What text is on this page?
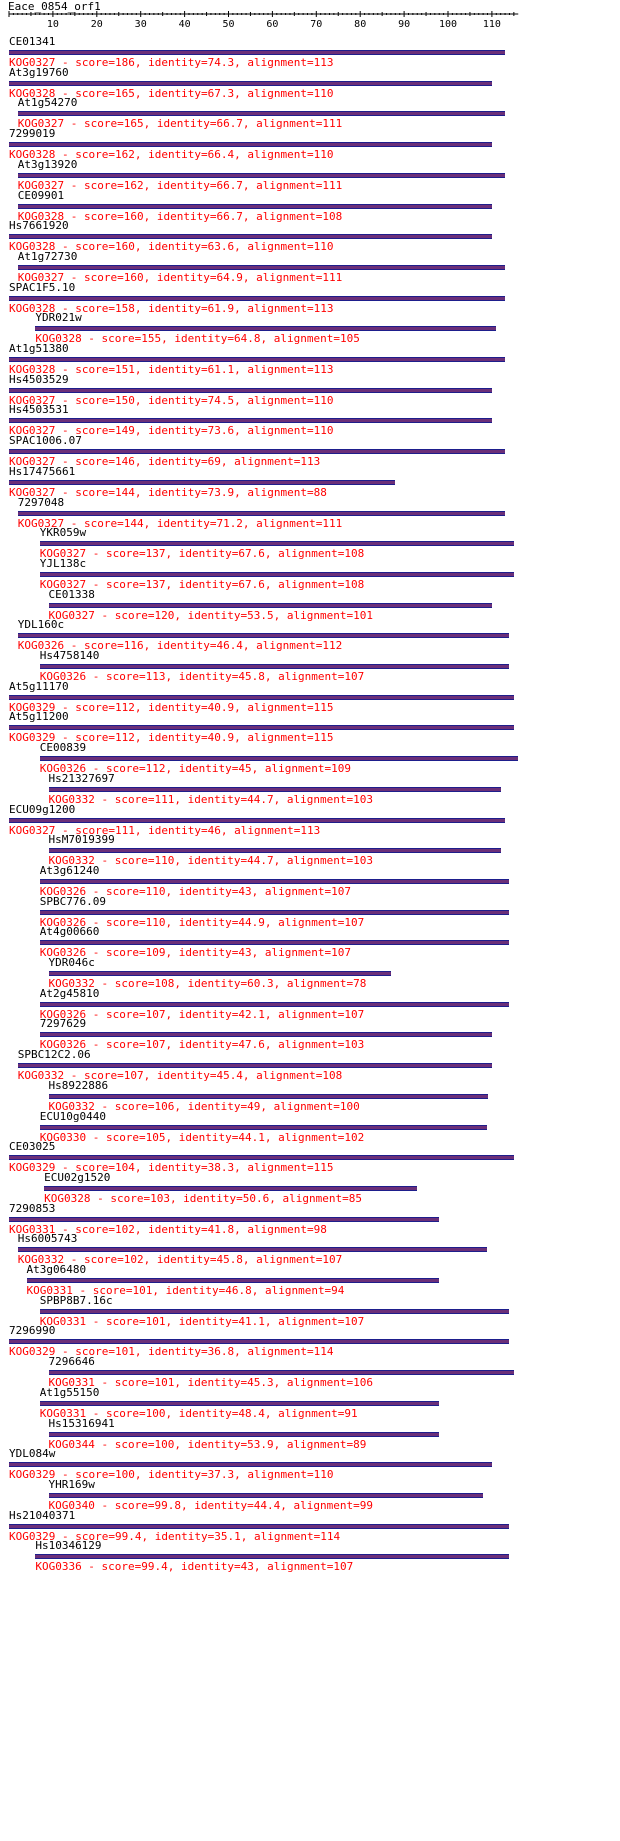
Eace_0854_orf1
10	20	30	40	50	60	70	80	90	100	110
CE01341
KOG0327 - score=186, identity=74.3, alignment=113
At3g19760
KOG0328 - score=165, identity=67.3, alignment=110
At1g54270
KOG0327 - score=165, identity=66.7, alignment=111
7299019
KOG0328 - score=162, identity=66.4, alignment=110
At3g13920
KOG0327 - score=162, identity=66.7, alignment=111
CE09901
KOG0328 - score=160, identity=66.7, alignment=108
Hs7661920
KOG0328 - score=160, identity=63.6, alignment=110
At1g72730
KOG0327 - score=160, identity=64.9, alignment=111
SPAC1F5.10
KOG0328 - score=158, identity=61.9, alignment=113
YDR021w
KOG0328 - score=155, identity=64.8, alignment=105
At1g51380
KOG0328 - score=151, identity=61.1, alignment=113
Hs4503529
KOG0327 - score=150, identity=74.5, alignment=110
Hs4503531
KOG0327 - score=149, identity=73.6, alignment=110
SPAC1006.07
KOG0327 - score=146, identity=69, alignment=113
Hs17475661
KOG0327 - score=144, identity=73.9, alignment=88
7297048
KOG0327 - score=144, identity=71.2, alignment=111
YKR059w
KOG0327 - score=137, identity=67.6, alignment=108
YJL138c
KOG0327 - score=137, identity=67.6, alignment=108
CE01338
KOG0327 - score=120, identity=53.5, alignment=101
YDL160c
KOG0326 - score=116, identity=46.4, alignment=112
Hs4758140
KOG0326 - score=113, identity=45.8, alignment=107
At5g11170
KOG0329 - score=112, identity=40.9, alignment=115
At5g11200
KOG0329 - score=112, identity=40.9, alignment=115
CE00839
KOG0326 - score=112, identity=45, alignment=109
Hs21327697
KOG0332 - score=111, identity=44.7, alignment=103
ECU09g1200
KOG0327 - score=111, identity=46, alignment=113
HsM7019399
KOG0332 - score=110, identity=44.7, alignment=103
At3g61240
KOG0326 - score=110, identity=43, alignment=107
SPBC776.09
KOG0326 - score=110, identity=44.9, alignment=107
At4g00660
KOG0326 - score=109, identity=43, alignment=107
YDR046c
KOG0332 - score=108, identity=60.3, alignment=78
At2g45810
KOG0326 - score=107, identity=42.1, alignment=107
7297629
KOG0326 - score=107, identity=47.6, alignment=103
SPBC12C2.06
KOG0332 - score=107, identity=45.4, alignment=108
Hs8922886
KOG0332 - score=106, identity=49, alignment=100
ECU10g0440
KOG0330 - score=105, identity=44.1, alignment=102
CE03025
KOG0329 - score=104, identity=38.3, alignment=115
ECU02g1520
KOG0328 - score=103, identity=50.6, alignment=85
7290853
KOG0331 - score=102, identity=41.8, alignment=98
Hs6005743
KOG0332 - score=102, identity=45.8, alignment=107
At3g06480
KOG0331 - score=101, identity=46.8, alignment=94
SPBP8B7.16c
KOG0331 - score=101, identity=41.1, alignment=107
7296990
KOG0329 - score=101, identity=36.8, alignment=114
7296646
KOG0331 - score=101, identity=45.3, alignment=106
At1g55150
KOG0331 - score=100, identity=48.4, alignment=91
Hs15316941
KOG0344 - score=100, identity=53.9, alignment=89
YDL084w
KOG0329 - score=100, identity=37.3, alignment=110
YHR169w
KOG0340 - score=99.8, identity=44.4, alignment=99
Hs21040371
KOG0329 - score=99.4, identity=35.1, alignment=114
Hs10346129
KOG0336 - score=99.4, identity=43, alignment=107
